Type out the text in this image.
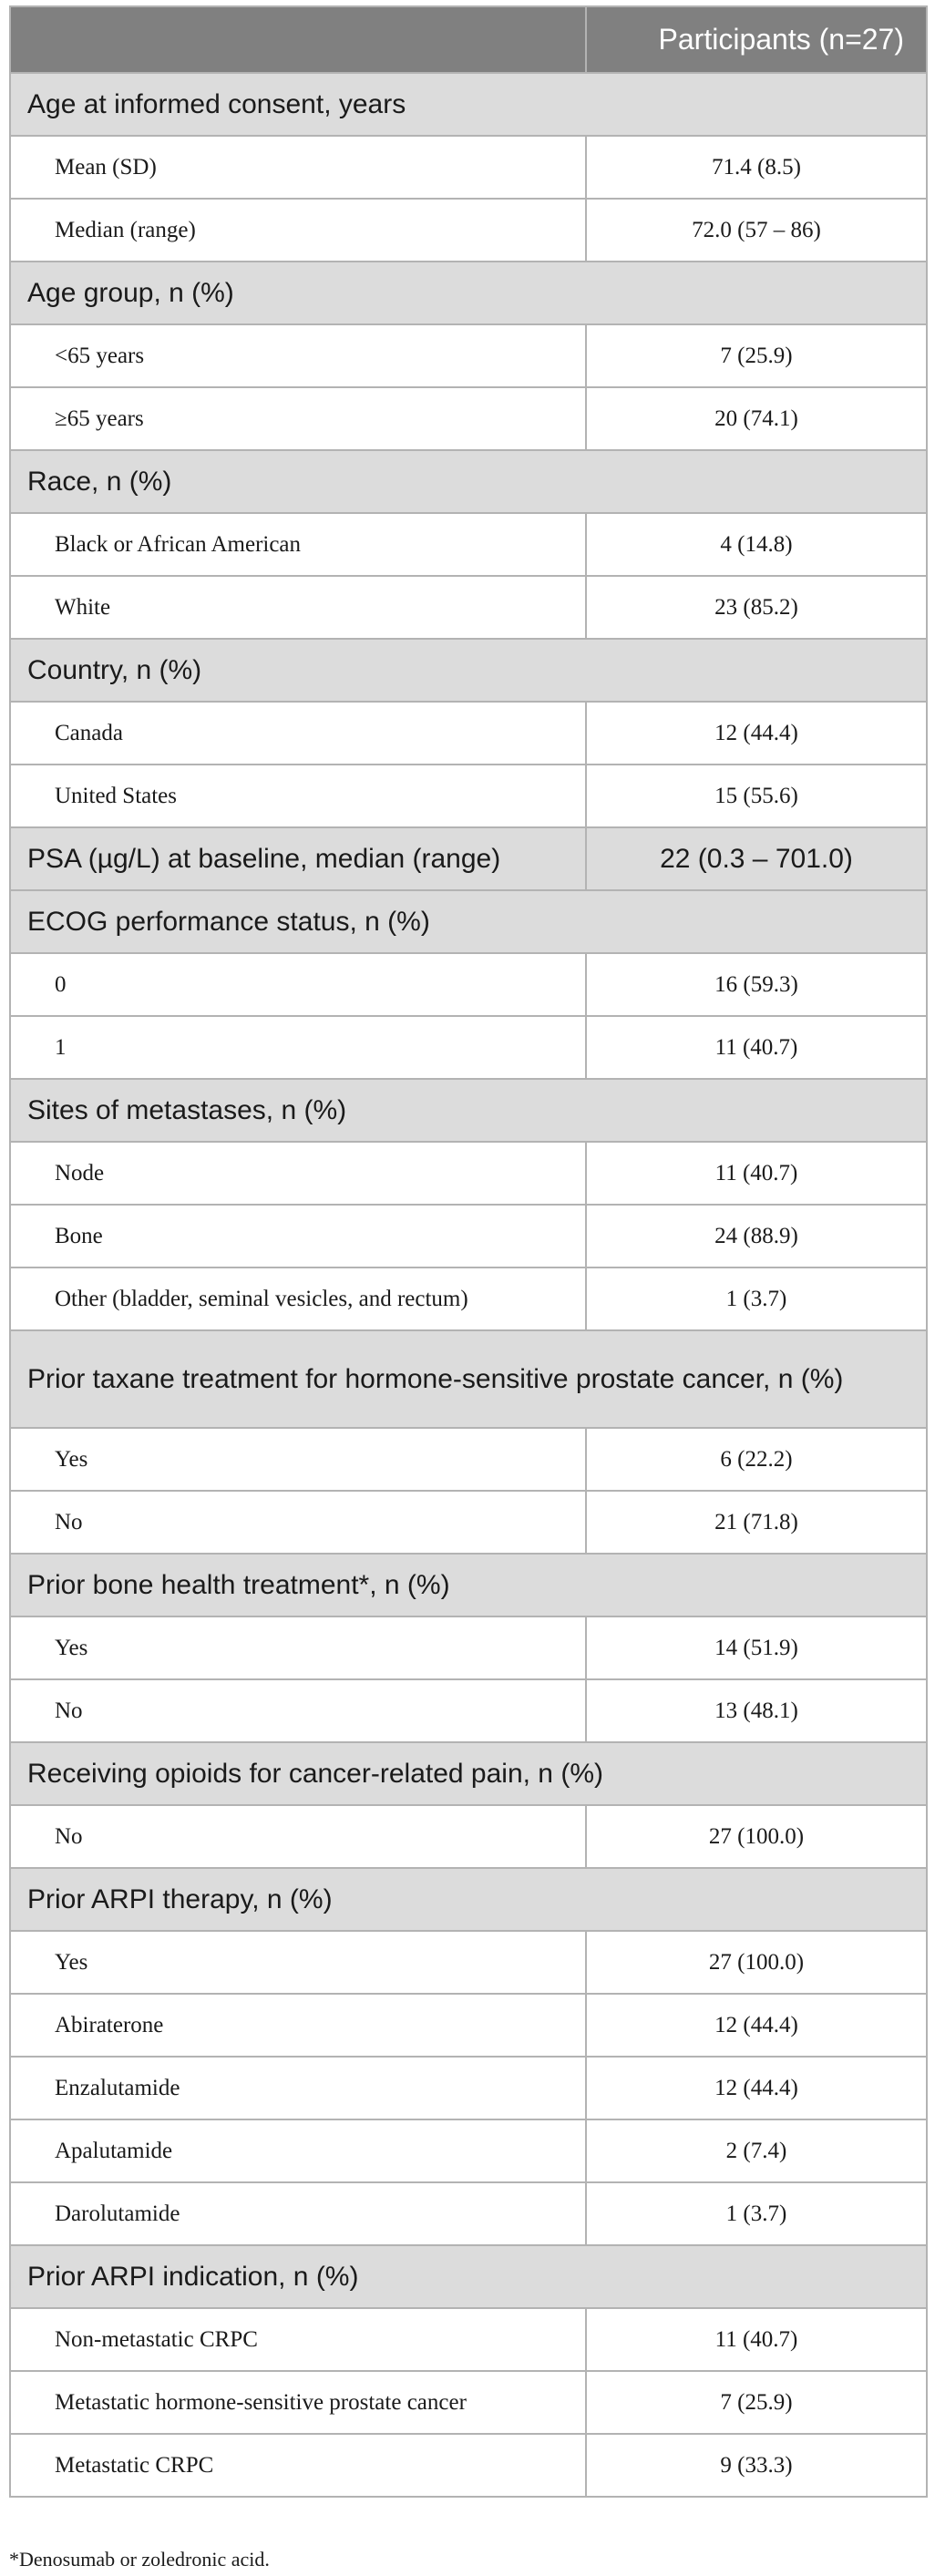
	Participants (n=27)
Age at informed consent, years	
Mean (SD)	71.4 (8.5)
Median (range)	72.0 (57 – 86)
Age group, n (%)	
<65 years	7 (25.9)
≥65 years	20 (74.1)
Race, n (%)	
Black or African American	4 (14.8)
White	23 (85.2)
Country, n (%)	
Canada	12 (44.4)
United States	15 (55.6)
PSA (µg/L) at baseline, median (range)	22 (0.3 – 701.0)
ECOG performance status, n (%)	
0	16 (59.3)
1	11 (40.7)
Sites of metastases, n (%)	
Node	11 (40.7)
Bone	24 (88.9)
Other (bladder, seminal vesicles, and rectum)	1 (3.7)
Prior taxane treatment for hormone-sensitive prostate cancer, n (%)	
Yes	6 (22.2)
No	21 (71.8)
Prior bone health treatment*, n (%)	
Yes	14 (51.9)
No	13 (48.1)
Receiving opioids for cancer-related pain, n (%)	
No	27 (100.0)
Prior ARPI therapy, n (%)	
Yes	27 (100.0)
Abiraterone	12 (44.4)
Enzalutamide	12 (44.4)
Apalutamide	2 (7.4)
Darolutamide	1 (3.7)
Prior ARPI indication, n (%)	
Non-metastatic CRPC	11 (40.7)
Metastatic hormone-sensitive prostate cancer	7 (25.9)
Metastatic CRPC	9 (33.3)
*Denosumab or zoledronic acid.
